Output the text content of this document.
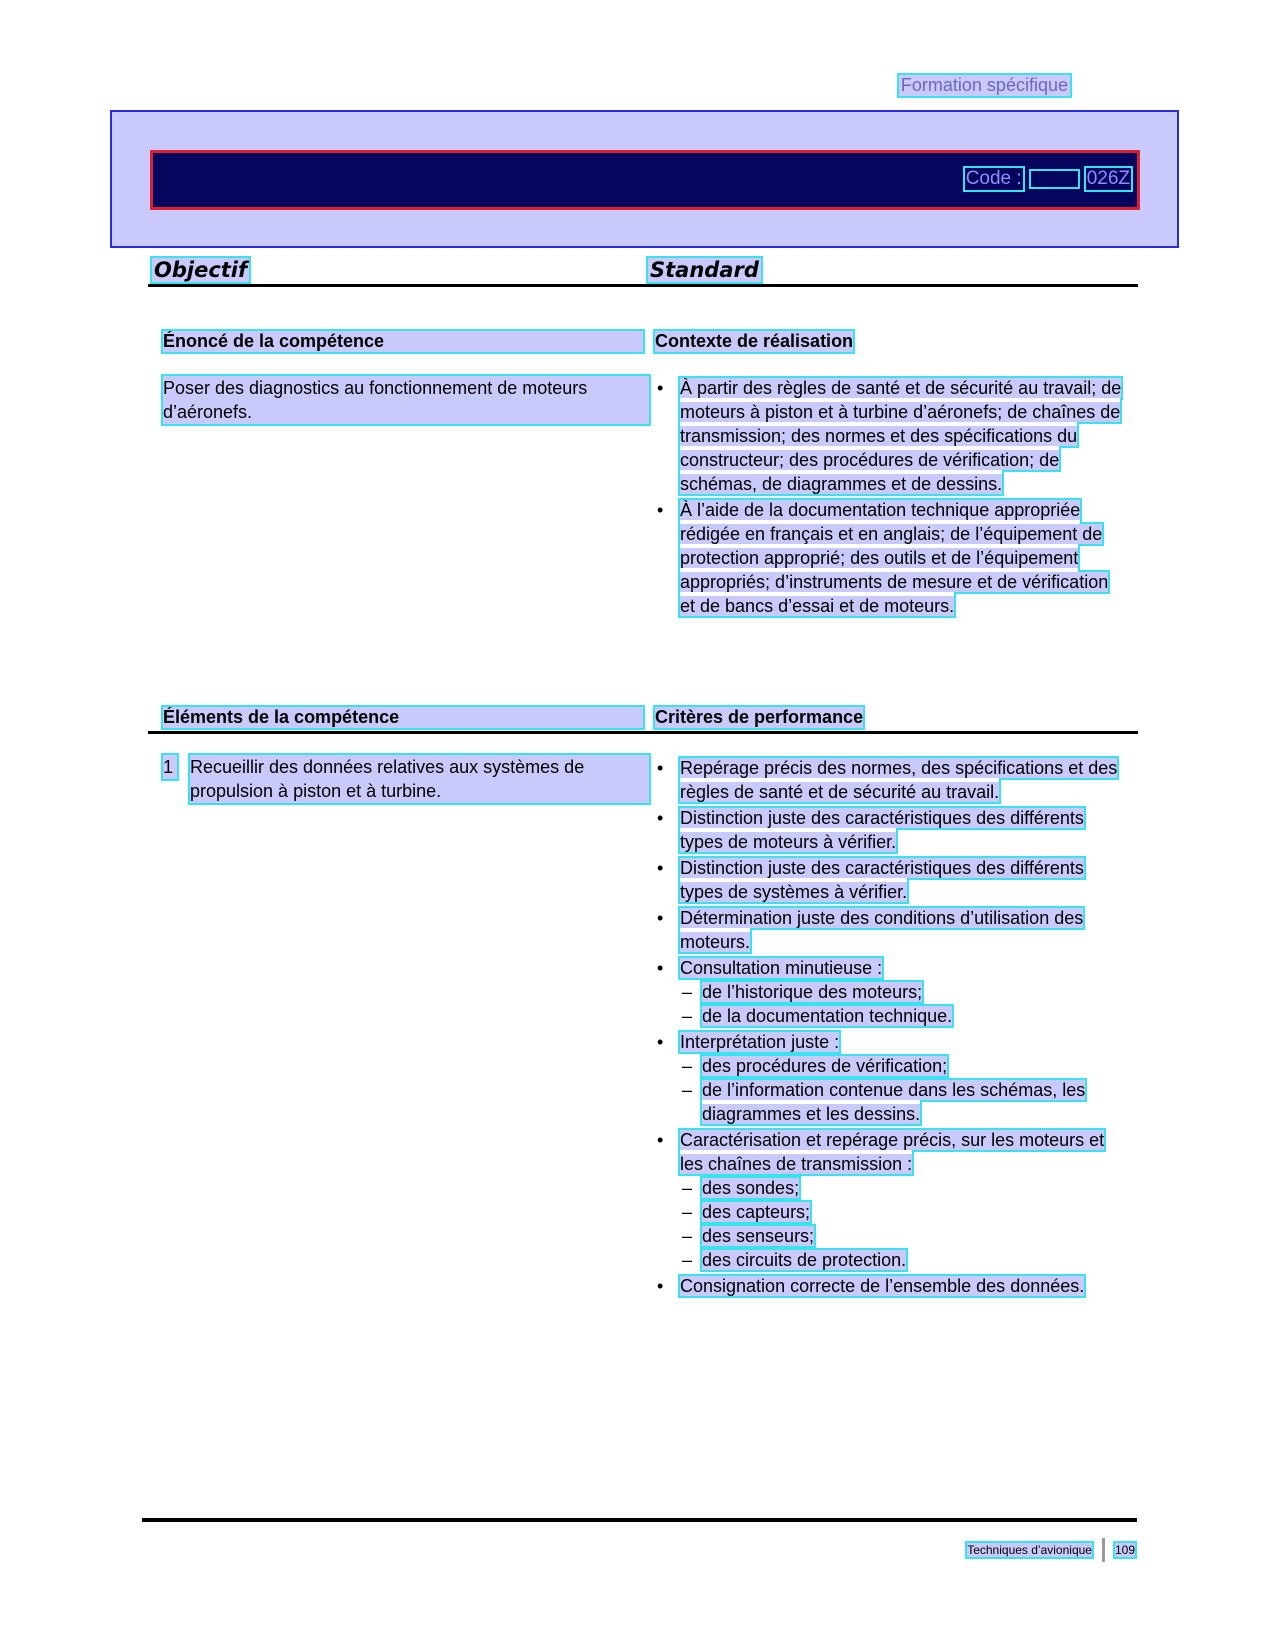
Formation spécifique
Code :	026Z
Objectif	Standard
Énoncé de la compétence	Contexte de réalisation
Poser des diagnostics au fonctionnement de moteurs d’aéronefs.
• À partir des règles de santé et de sécurité au travail; de moteurs à piston et à turbine d’aéronefs; de chaînes de transmission; des normes et des spécifications du constructeur; des procédures de vérification; de schémas, de diagrammes et de dessins.
• À l’aide de la documentation technique appropriée rédigée en français et en anglais; de l’équipement de protection approprié; des outils et de l’équipement appropriés; d’instruments de mesure et de vérification et de bancs d’essai et de moteurs.
Éléments de la compétence	Critères de performance
1 Recueillir des données relatives aux systèmes de propulsion à piston et à turbine.
• Repérage précis des normes, des spécifications et des règles de santé et de sécurité au travail.
• Distinction juste des caractéristiques des différents types de moteurs à vérifier.
• Distinction juste des caractéristiques des différents types de systèmes à vérifier.
• Détermination juste des conditions d’utilisation des moteurs.
• Consultation minutieuse :
– de l’historique des moteurs;
– de la documentation technique.
• Interprétation juste :
– des procédures de vérification;
– de l’information contenue dans les schémas, les diagrammes et les dessins.
• Caractérisation et repérage précis, sur les moteurs et les chaînes de transmission :
– des sondes;
– des capteurs;
– des senseurs;
– des circuits de protection.
• Consignation correcte de l’ensemble des données.
Techniques d’avionique 109
